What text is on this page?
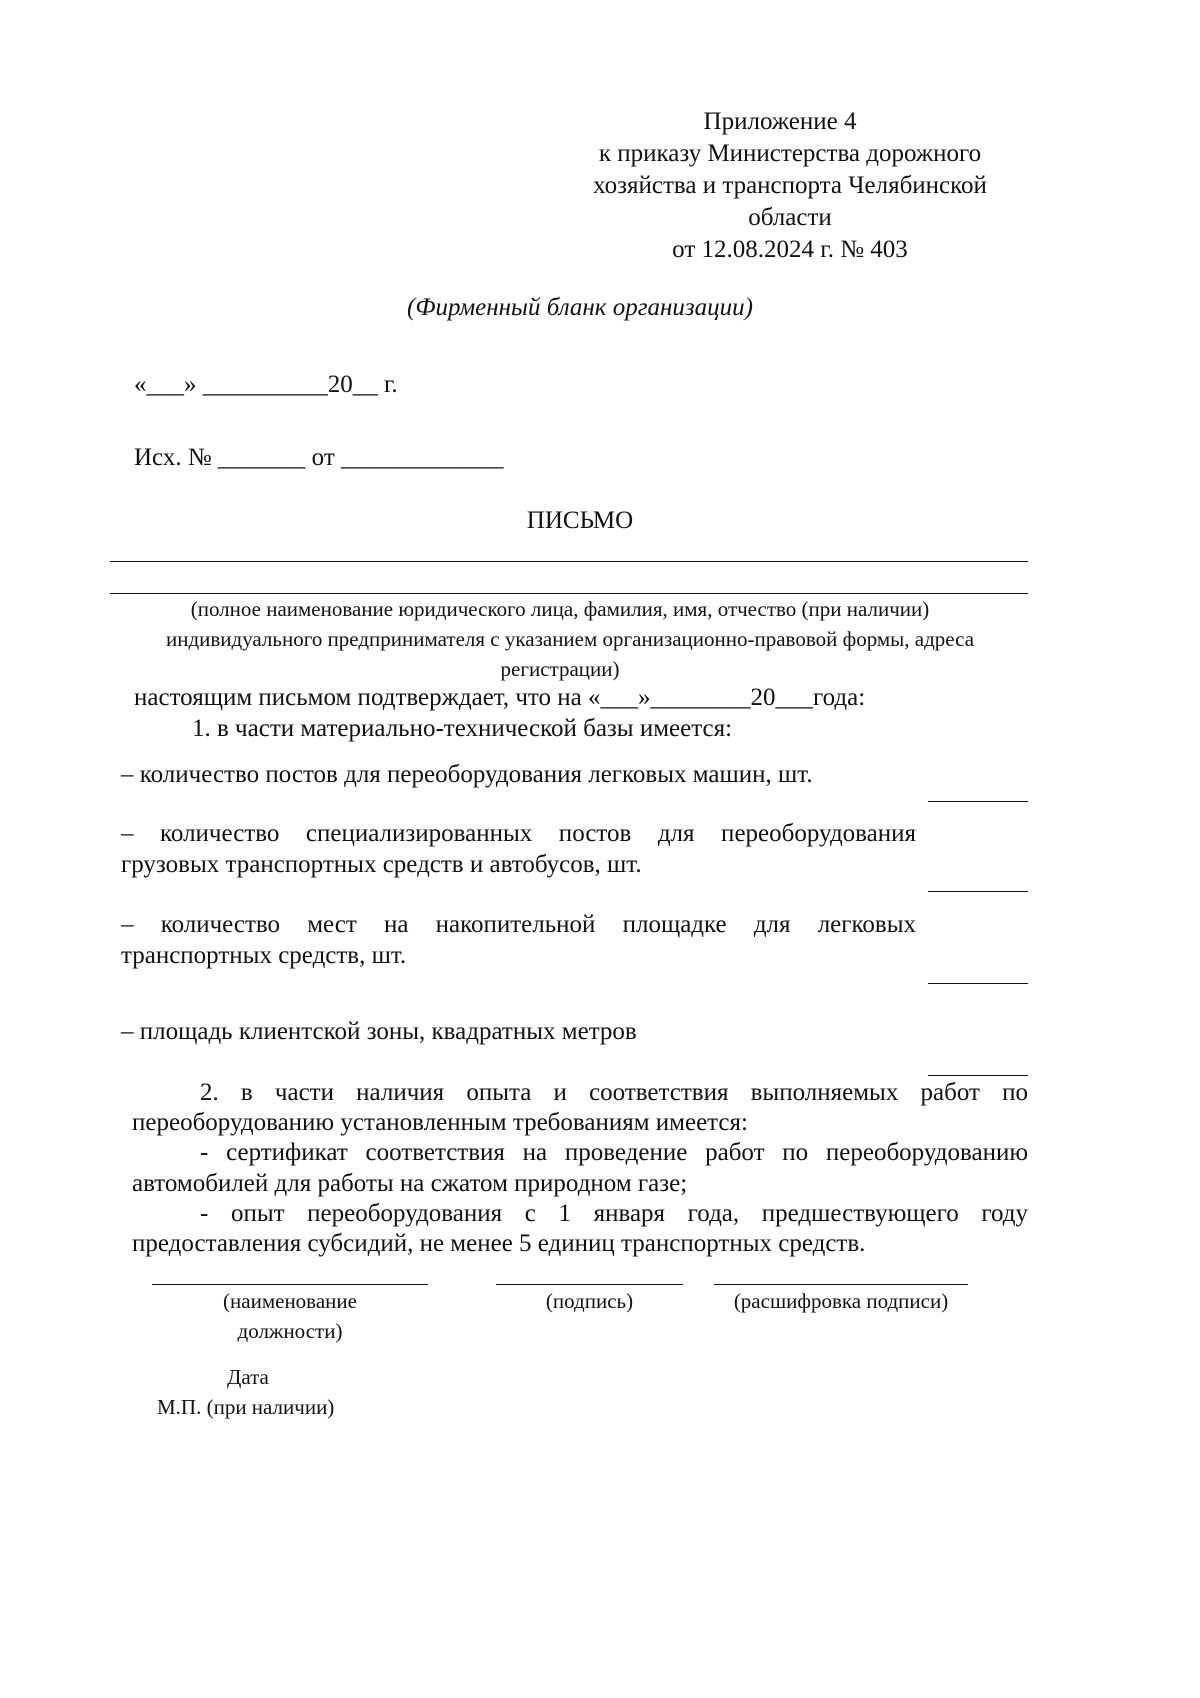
Приложение 4
к приказу Министерства дорожного
хозяйства и транспорта Челябинской
области
от 12.08.2024 г. № 403
(Фирменный бланк организации)
«___» __________20__ г.
Исх. № _______ от _____________
ПИСЬМО
(полное наименование юридического лица, фамилия, имя, отчество (при наличии)
индивидуального предпринимателя с указанием организационно-правовой формы, адреса
регистрации)
настоящим письмом подтверждает, что на «___»________20___года:
1. в части материально-технической базы имеется:
– количество постов для переоборудования легковых машин, шт.
– количество специализированных постов для переоборудования
грузовых транспортных средств и автобусов, шт.
– количество мест на накопительной площадке для легковых
транспортных средств, шт.
– площадь клиентской зоны, квадратных метров
2. в части наличия опыта и соответствия выполняемых работ по
переоборудованию установленным требованиям имеется:
- сертификат соответствия на проведение работ по переоборудованию
автомобилей для работы на сжатом природном газе;
- опыт переоборудования с 1 января года, предшествующего году
предоставления субсидий, не менее 5 единиц транспортных средств.
(наименование
должности)
(подпись)	(расшифровка подписи)
Дата
М.П. (при наличии)
